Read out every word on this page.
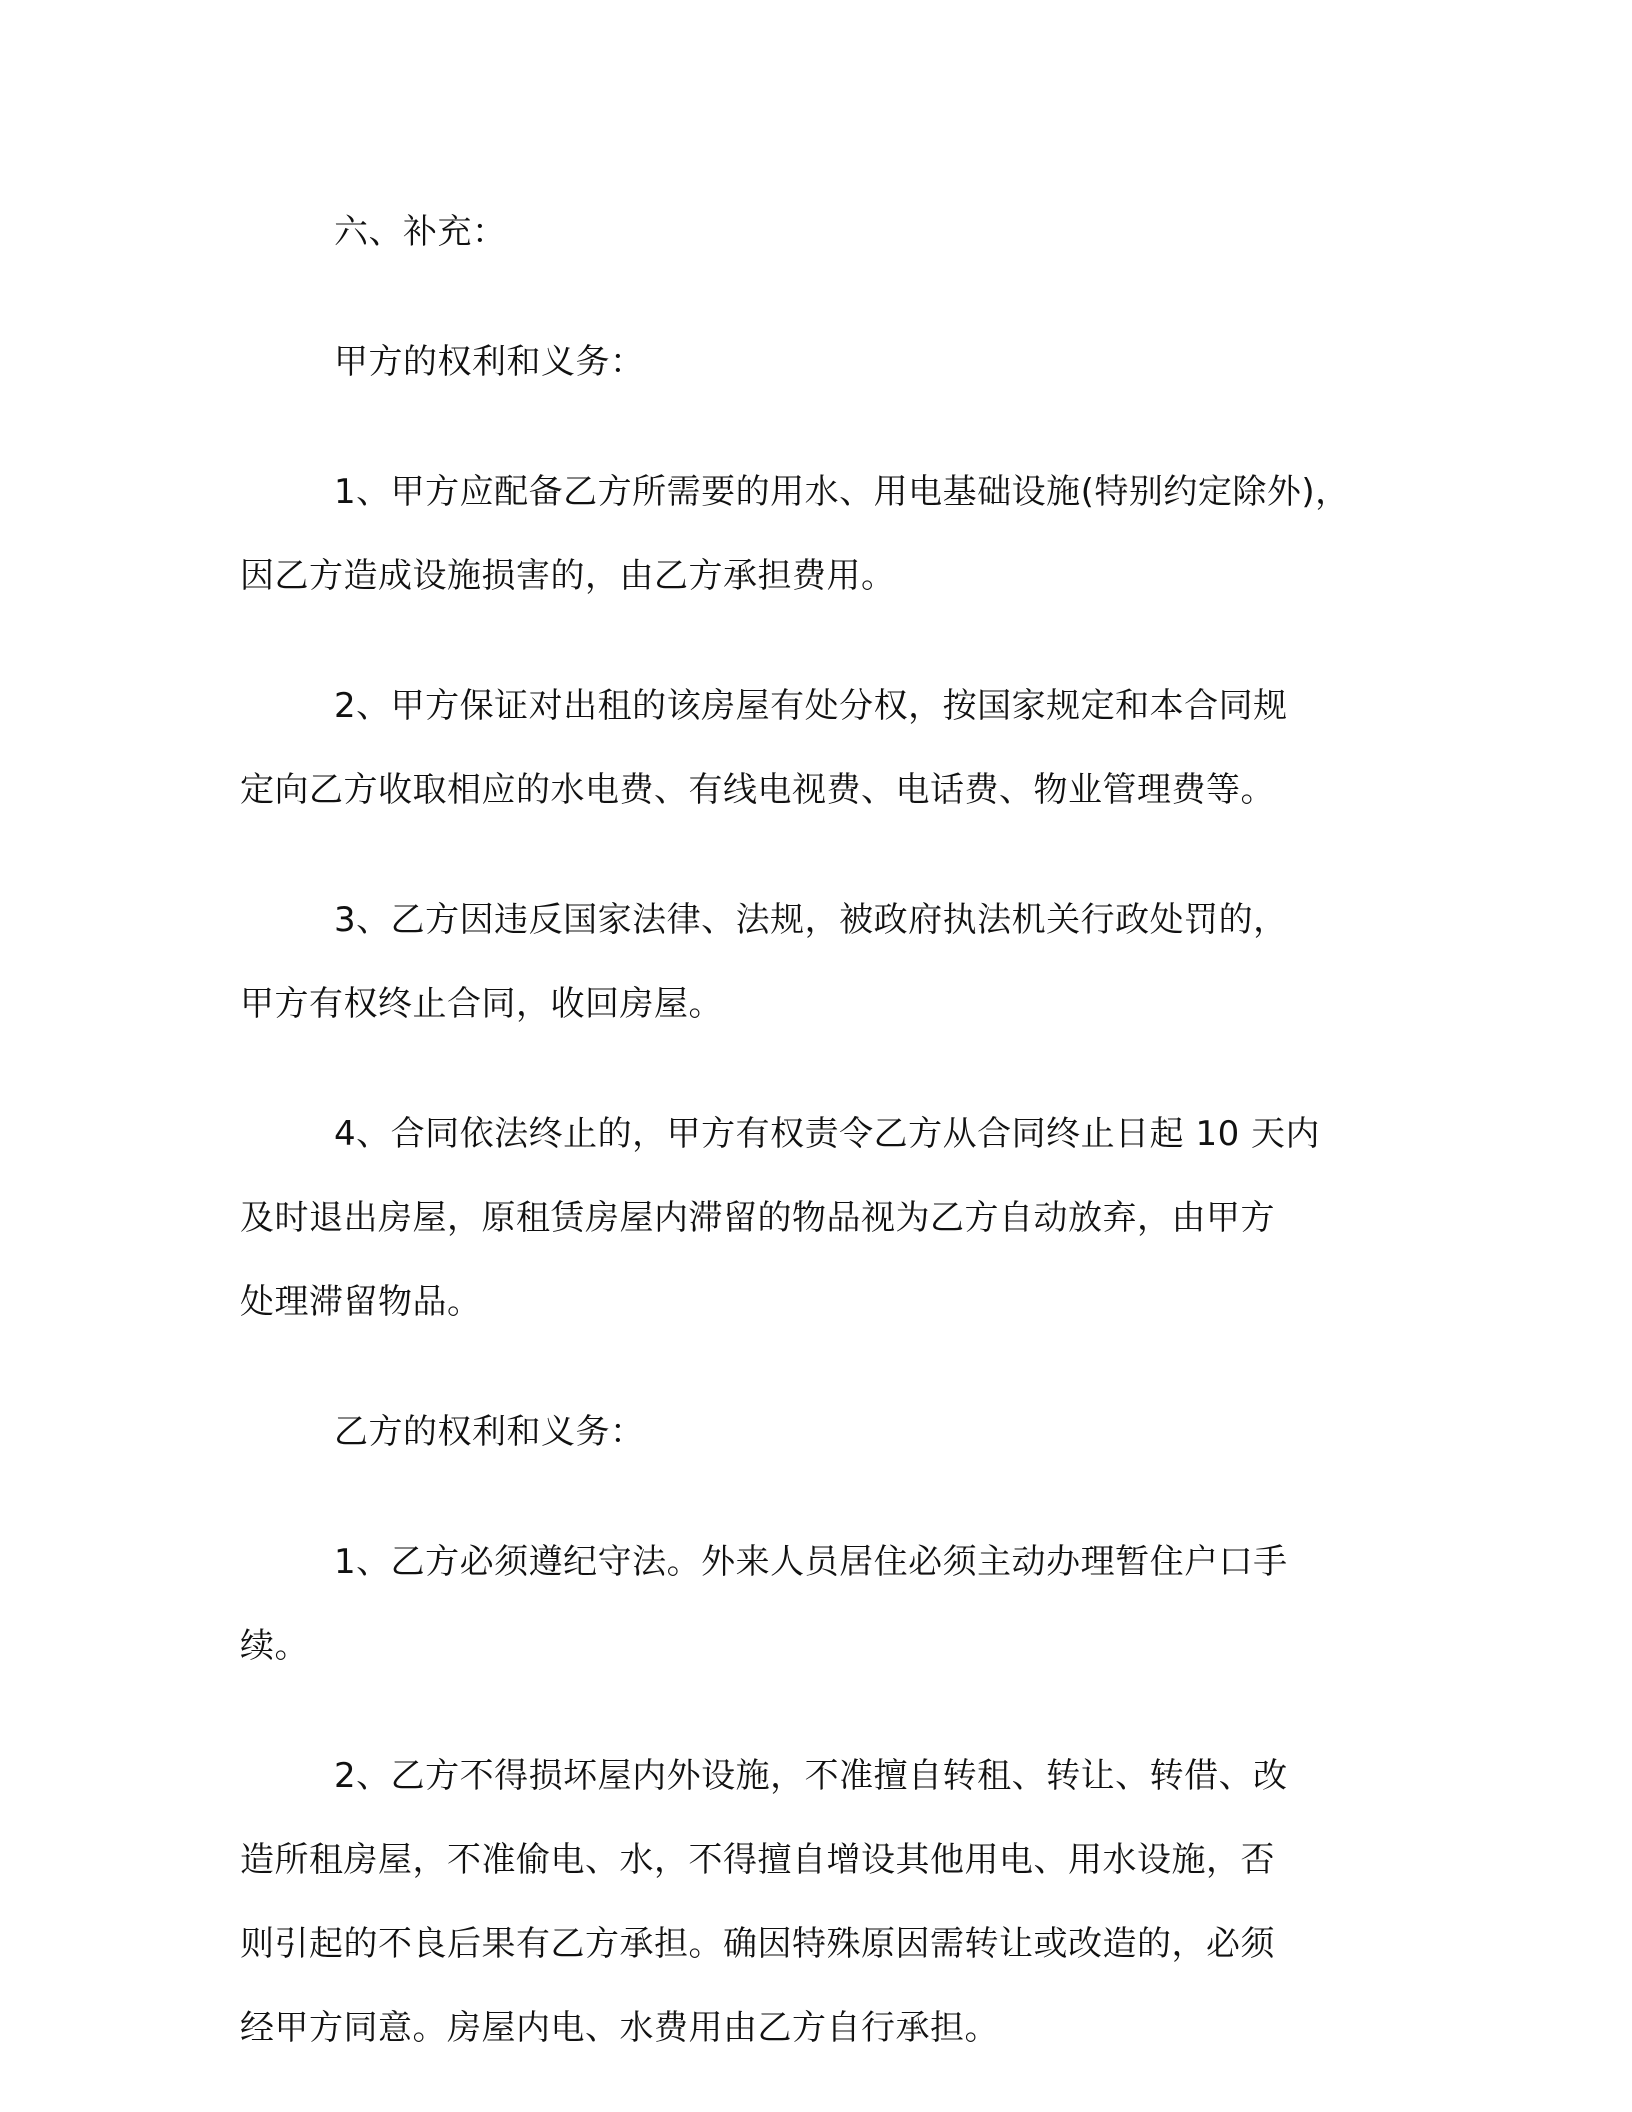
六、补充：

甲方的权利和义务：

1、甲方应配备乙方所需要的用水、用电基础设施(特别约定除外)，
因乙方造成设施损害的，由乙方承担费用。

2、甲方保证对出租的该房屋有处分权，按国家规定和本合同规
定向乙方收取相应的水电费、有线电视费、电话费、物业管理费等。

3、乙方因违反国家法律、法规，被政府执法机关行政处罚的，
甲方有权终止合同，收回房屋。

4、合同依法终止的，甲方有权责令乙方从合同终止日起 10 天内
及时退出房屋，原租赁房屋内滞留的物品视为乙方自动放弃，由甲方
处理滞留物品。

乙方的权利和义务：

1、乙方必须遵纪守法。外来人员居住必须主动办理暂住户口手
续。

2、乙方不得损坏屋内外设施，不准擅自转租、转让、转借、改
造所租房屋，不准偷电、水，不得擅自增设其他用电、用水设施，否
则引起的不良后果有乙方承担。确因特殊原因需转让或改造的，必须
经甲方同意。房屋内电、水费用由乙方自行承担。
